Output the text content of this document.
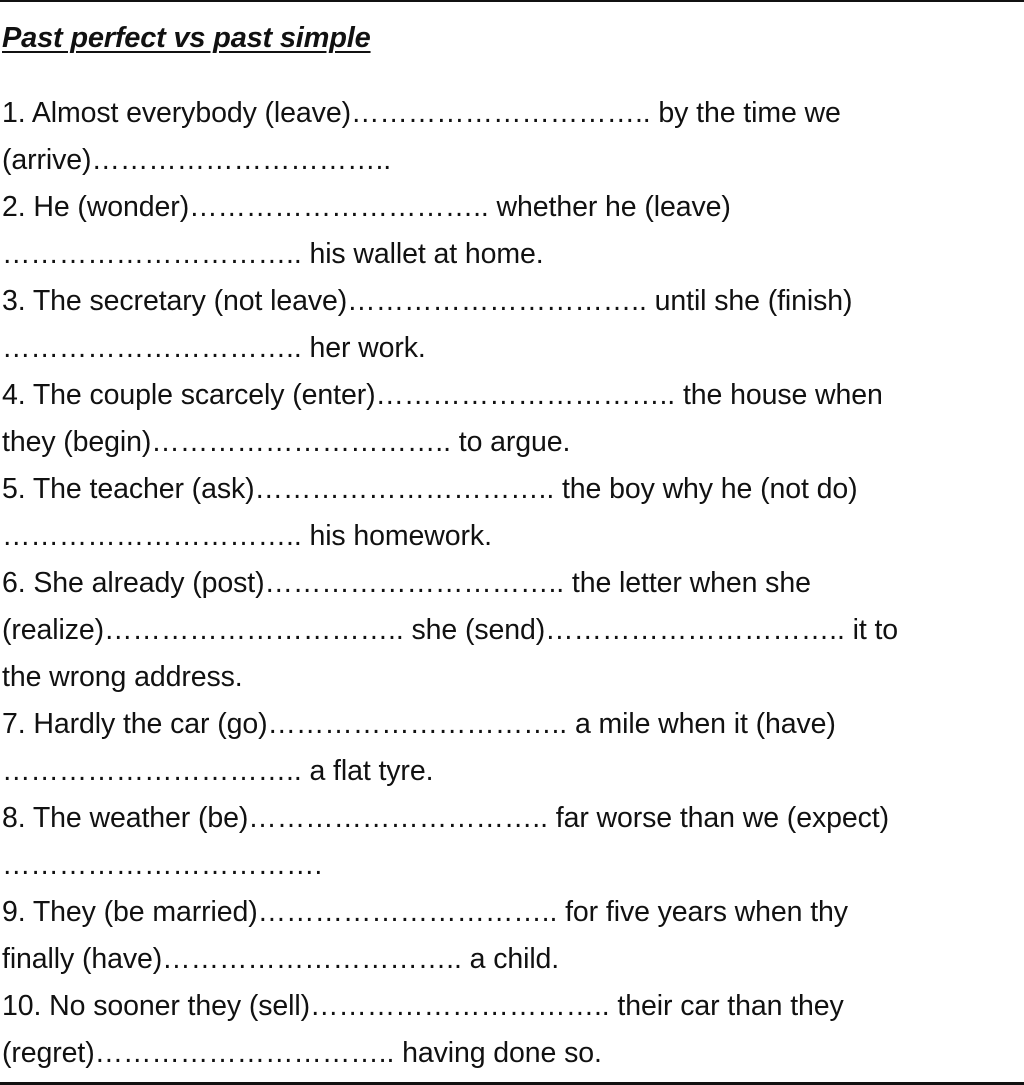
Past perfect vs past simple
1. Almost everybody (leave)………………………….. by the time we
(arrive)…………………………..
2. He (wonder)………………………….. whether he (leave)
………………………….. his wallet at home.
3. The secretary (not leave)………………………….. until she (finish)
………………………….. her work.
4. The couple scarcely (enter)………………………….. the house when
they (begin)………………………….. to argue.
5. The teacher (ask)………………………….. the boy why he (not do)
………………………….. his homework.
6. She already (post)………………………….. the letter when she
(realize)………………………….. she (send)………………………….. it to
the wrong address.
7. Hardly the car (go)………………………….. a mile when it (have)
………………………….. a flat tyre.
8. The weather (be)………………………….. far worse than we (expect)
…………………………….
9. They (be married)………………………….. for five years when thy
finally (have)………………………….. a child.
10. No sooner they (sell)………………………….. their car than they
(regret)………………………….. having done so.
